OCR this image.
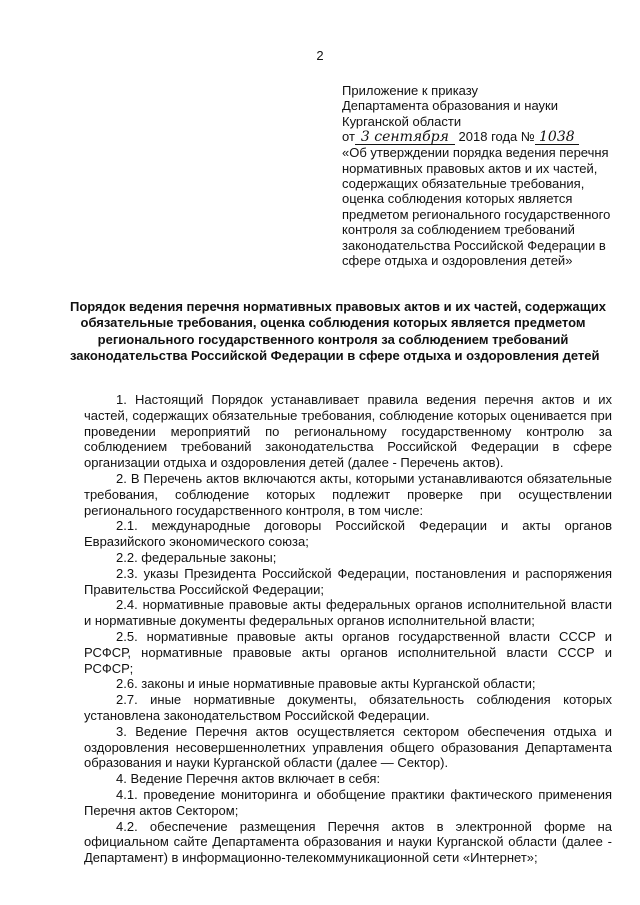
2
Приложение к приказу
Департамента образования и науки
Курганской области
от 3 сентября 2018 года № 1038
«Об утверждении порядка ведения перечня
нормативных правовых актов и их частей,
содержащих обязательные требования,
оценка соблюдения которых является
предметом регионального государственного
контроля за соблюдением требований
законодательства Российской Федерации в
сфере отдыха и оздоровления детей»
Порядок ведения перечня нормативных правовых актов и их частей, содержащих
обязательные требования, оценка соблюдения которых является предметом
регионального государственного контроля за соблюдением требований
законодательства Российской Федерации в сфере отдыха и оздоровления детей

1. Настоящий Порядок устанавливает правила ведения перечня актов и их частей, содержащих обязательные требования, соблюдение которых оценивается при проведении мероприятий по региональному государственному контролю за соблюдением требований законодательства Российской Федерации в сфере организации отдыха и оздоровления детей (далее - Перечень актов).

2. В Перечень актов включаются акты, которыми устанавливаются обязательные требования, соблюдение которых подлежит проверке при осуществлении регионального государственного контроля, в том числе:

2.1. международные договоры Российской Федерации и акты органов Евразийского экономического союза;

2.2. федеральные законы;

2.3. указы Президента Российской Федерации, постановления и распоряжения Правительства Российской Федерации;

2.4. нормативные правовые акты федеральных органов исполнительной власти и нормативные документы федеральных органов исполнительной власти;

2.5. нормативные правовые акты органов государственной власти СССР и РСФСР, нормативные правовые акты органов исполнительной власти СССР и РСФСР;

2.6. законы и иные нормативные правовые акты Курганской области;

2.7. иные нормативные документы, обязательность соблюдения которых установлена законодательством Российской Федерации.

3. Ведение Перечня актов осуществляется сектором обеспечения отдыха и оздоровления несовершеннолетних управления общего образования Департамента образования и науки Курганской области (далее — Сектор).

4. Ведение Перечня актов включает в себя:

4.1. проведение мониторинга и обобщение практики фактического применения Перечня актов Сектором;

4.2. обеспечение размещения Перечня актов в электронной форме на официальном сайте Департамента образования и науки Курганской области (далее - Департамент) в информационно-телекоммуникационной сети «Интернет»;
